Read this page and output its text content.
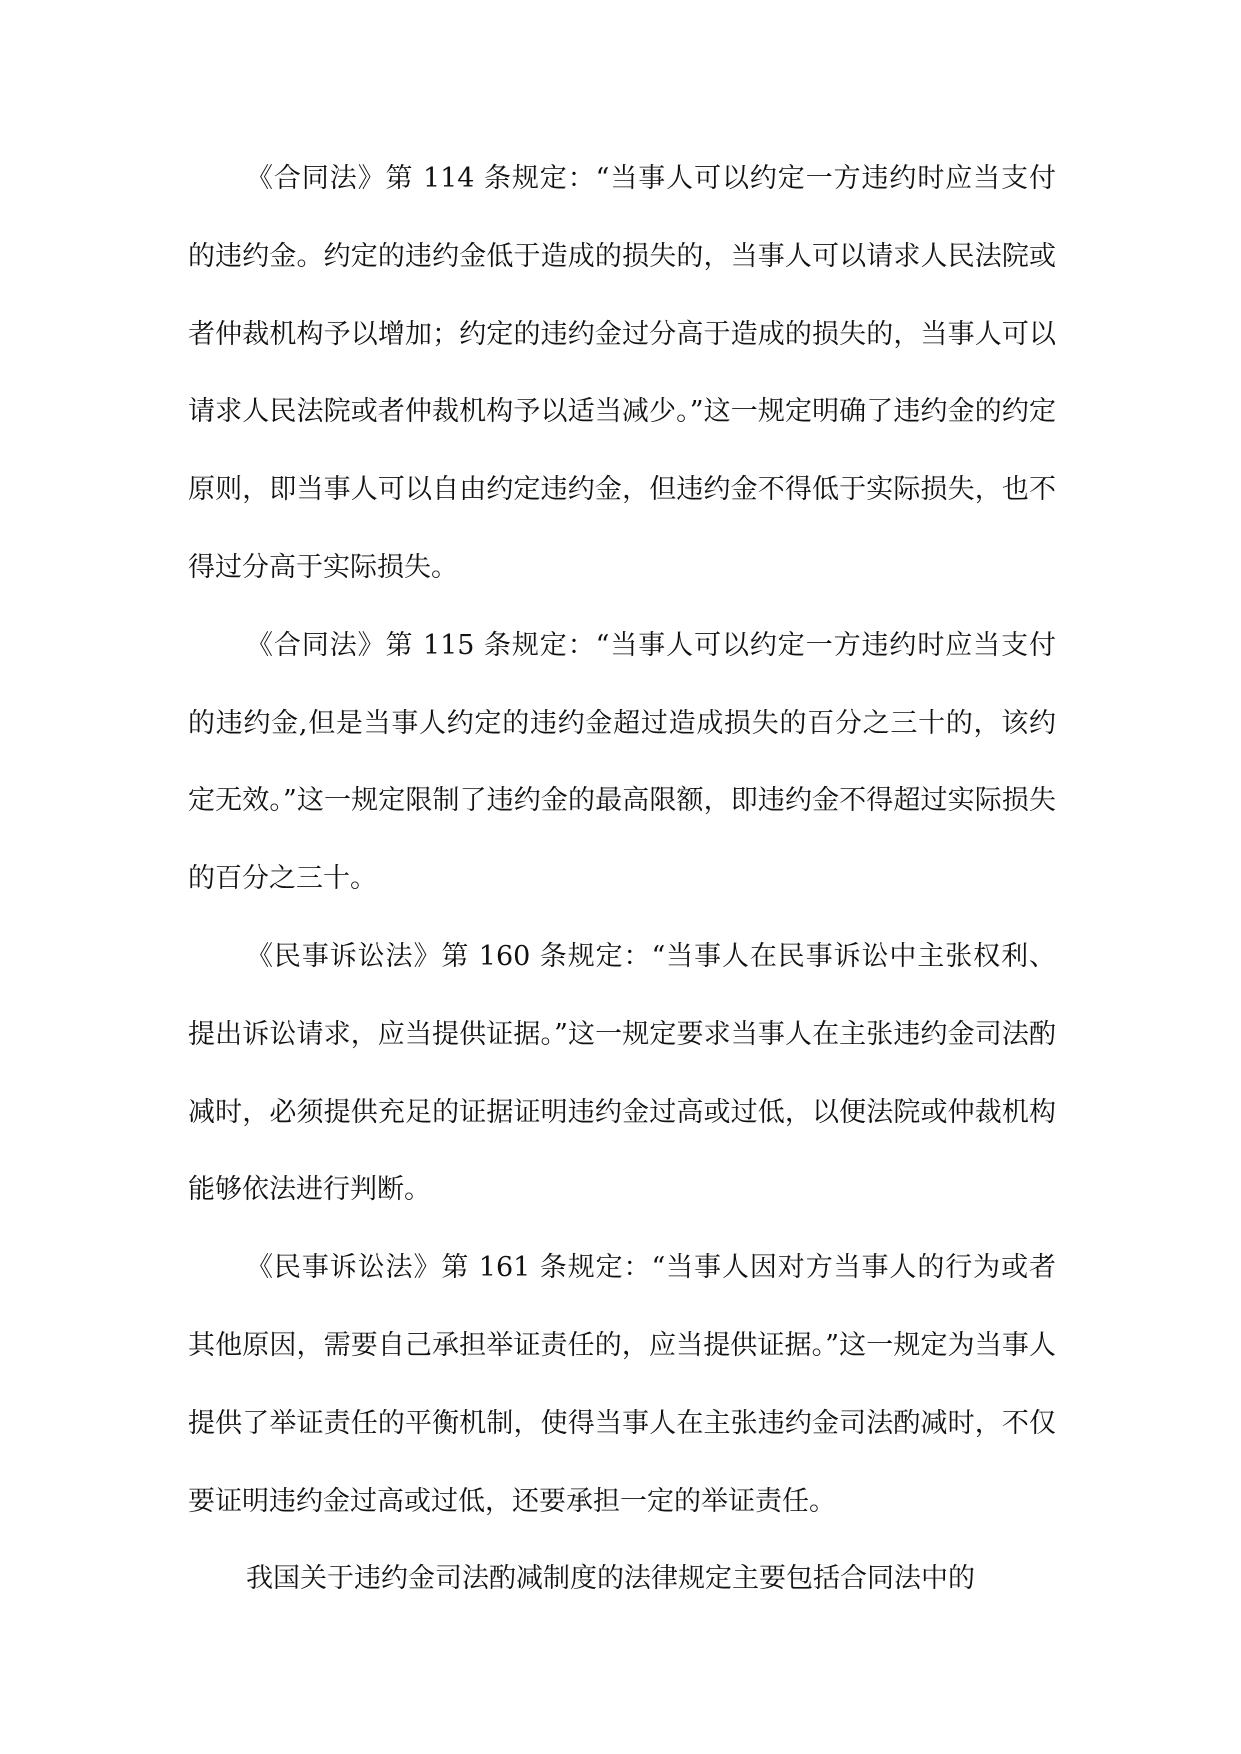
《合同法》第 114 条规定：“当事人可以约定一方违约时应当支付的违约金。约定的违约金低于造成的损失的，当事人可以请求人民法院或者仲裁机构予以增加；约定的违约金过分高于造成的损失的，当事人可以请求人民法院或者仲裁机构予以适当减少。”这一规定明确了违约金的约定原则，即当事人可以自由约定违约金，但违约金不得低于实际损失，也不得过分高于实际损失。

《合同法》第 115 条规定：“当事人可以约定一方违约时应当支付的违约金,但是当事人约定的违约金超过造成损失的百分之三十的，该约定无效。”这一规定限制了违约金的最高限额，即违约金不得超过实际损失的百分之三十。

《民事诉讼法》第 160 条规定：“当事人在民事诉讼中主张权利、提出诉讼请求，应当提供证据。”这一规定要求当事人在主张违约金司法酌减时，必须提供充足的证据证明违约金过高或过低，以便法院或仲裁机构能够依法进行判断。

《民事诉讼法》第 161 条规定：“当事人因对方当事人的行为或者其他原因，需要自己承担举证责任的，应当提供证据。”这一规定为当事人提供了举证责任的平衡机制，使得当事人在主张违约金司法酌减时，不仅要证明违约金过高或过低，还要承担一定的举证责任。

我国关于违约金司法酌减制度的法律规定主要包括合同法中的
